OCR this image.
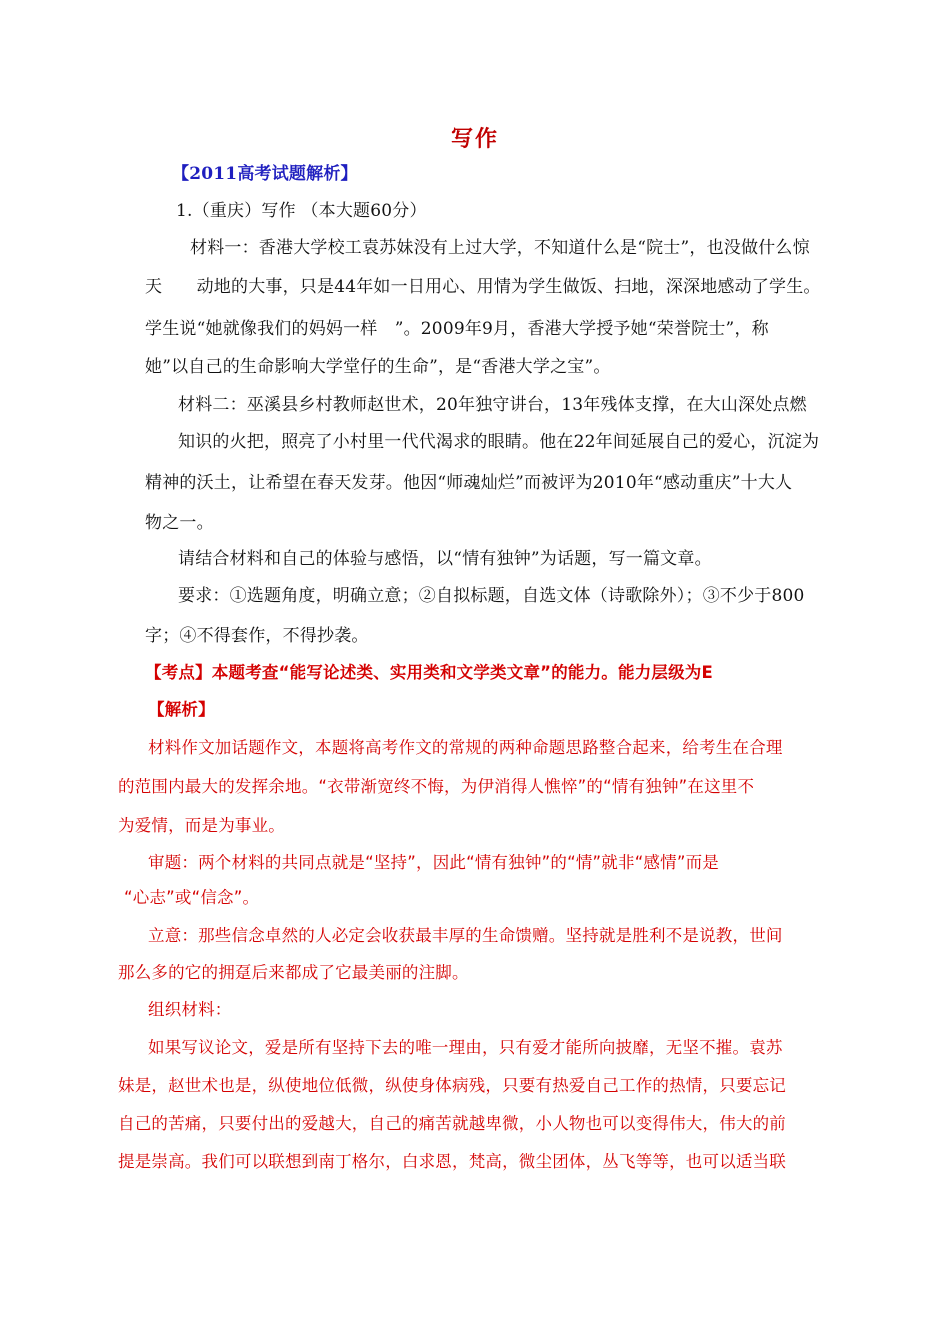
写作
【2011高考试题解析】
1.（重庆）写作 （本大题60分）
材料一：香港大学校工袁苏妹没有上过大学，不知道什么是“院士”，也没做什么惊
天　　动地的大事，只是44年如一日用心、用情为学生做饭、扫地，深深地感动了学生。
学生说“她就像我们的妈妈一样　”。2009年9月，香港大学授予她“荣誉院士”，称
她”以自己的生命影响大学堂仔的生命”，是“香港大学之宝”。
材料二：巫溪县乡村教师赵世术，20年独守讲台，13年残体支撑，在大山深处点燃
知识的火把，照亮了小村里一代代渴求的眼睛。他在22年间延展自己的爱心，沉淀为
精神的沃土，让希望在春天发芽。他因“师魂灿烂”而被评为2010年“感动重庆”十大人
物之一。
请结合材料和自己的体验与感悟，以“情有独钟”为话题，写一篇文章。
要求：①选题角度，明确立意；②自拟标题，自选文体（诗歌除外）；③不少于800
字；④不得套作，不得抄袭。
【考点】本题考查“能写论述类、实用类和文学类文章”的能力。能力层级为E
【解析】
材料作文加话题作文，本题将高考作文的常规的两种命题思路整合起来，给考生在合理
的范围内最大的发挥余地。“衣带渐宽终不悔，为伊消得人憔悴”的“情有独钟”在这里不
为爱情，而是为事业。
审题：两个材料的共同点就是“坚持”，因此“情有独钟”的“情”就非“感情”而是
“心志”或“信念”。
立意：那些信念卓然的人必定会收获最丰厚的生命馈赠。坚持就是胜利不是说教，世间
那么多的它的拥趸后来都成了它最美丽的注脚。
组织材料：
如果写议论文，爱是所有坚持下去的唯一理由，只有爱才能所向披靡，无坚不摧。袁苏
妹是，赵世术也是，纵使地位低微，纵使身体病残，只要有热爱自己工作的热情，只要忘记
自己的苦痛，只要付出的爱越大，自己的痛苦就越卑微，小人物也可以变得伟大，伟大的前
提是崇高。我们可以联想到南丁格尔，白求恩，梵高，微尘团体，丛飞等等，也可以适当联
